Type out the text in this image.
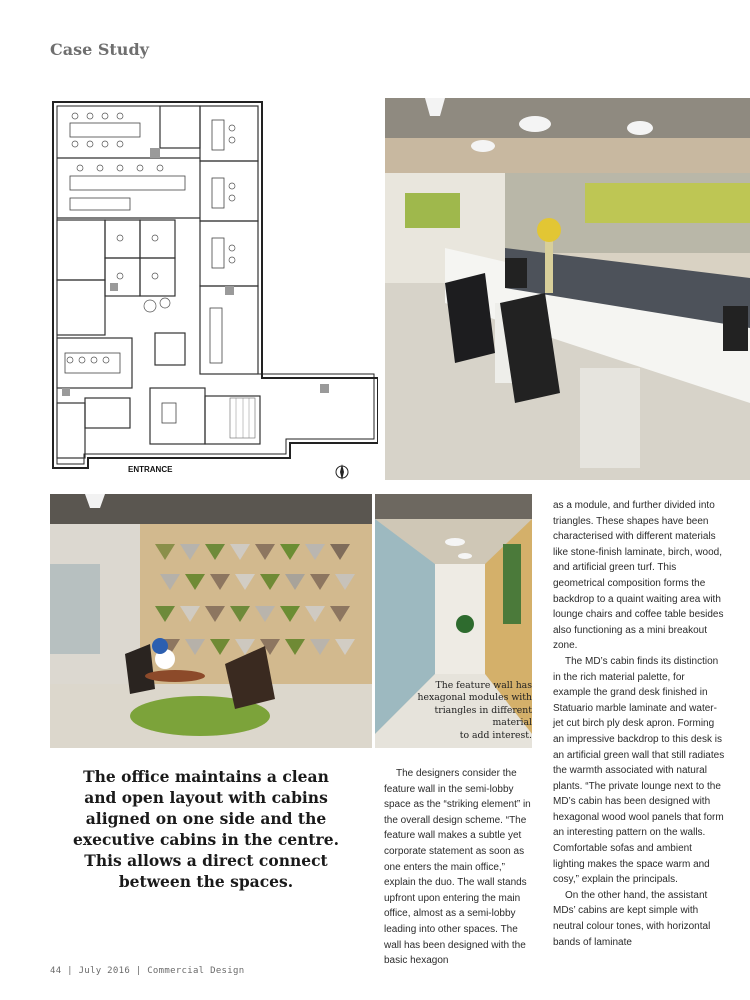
Case Study
ENTRANCE
The feature wall has
hexagonal modules with
triangles in different material
to add interest.
The office maintains a clean
and open layout with cabins
aligned on one side and the
executive cabins in the centre.
This allows a direct connect
between the spaces.

The designers consider the feature wall in the semi-lobby space as the “striking element” in the overall design scheme. “The feature wall makes a subtle yet corporate statement as soon as one enters the main office,” explain the duo. The wall stands upfront upon entering the main office, almost as a semi-lobby leading into other spaces. The wall has been designed with the basic hexagon

as a module, and further divided into triangles. These shapes have been characterised with different materials like stone-finish laminate, birch, wood, and artificial green turf. This geometrical composition forms the backdrop to a quaint waiting area with lounge chairs and coffee table besides also functioning as a mini breakout zone.

The MD’s cabin finds its distinction in the rich material palette, for example the grand desk finished in Statuario marble laminate and water-jet cut birch ply desk apron. Forming an impressive backdrop to this desk is an artificial green wall that still radiates the warmth associated with natural plants. “The private lounge next to the MD’s cabin has been designed with hexagonal wood wool panels that form an interesting pattern on the walls. Comfortable sofas and ambient lighting makes the space warm and cosy,” explain the principals.

On the other hand, the assistant MDs’ cabins are kept simple with neutral colour tones, with horizontal bands of laminate

44 | July 2016 | Commercial Design
